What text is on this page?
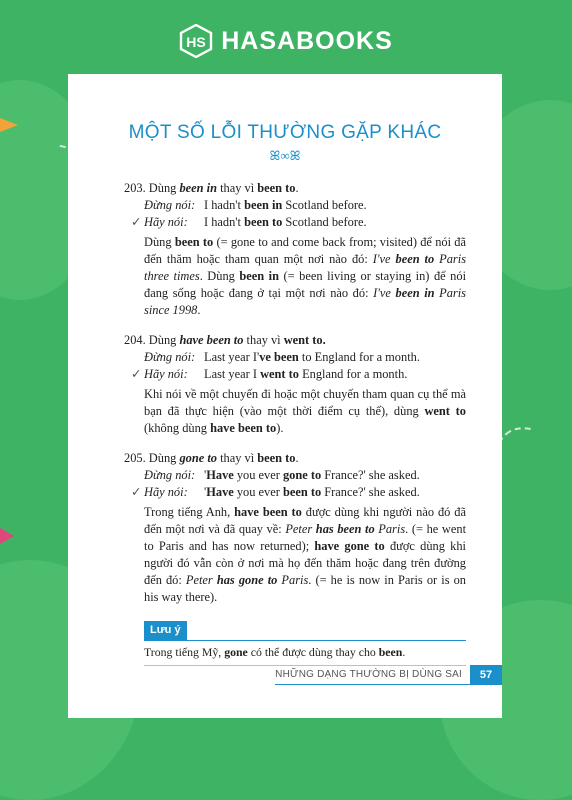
HS HASABOOKS
MỘT SỐ LỖI THƯỜNG GẶP KHÁC
ꕤ∞ꕤ
203. Dùng been in thay vì been to.
Đừng nói: I hadn't been in Scotland before.
✓ Hãy nói:	I hadn't been to Scotland before.
Dùng been to (= gone to and come back from; visited) để nói đã đến thăm hoặc tham quan một nơi nào đó: I've been to Paris three times. Dùng been in (= been living or staying in) để nói đang sống hoặc đang ở tại một nơi nào đó: I've been in Paris since 1998.
204. Dùng have been to thay vì went to.
Đừng nói: Last year I've been to England for a month.
✓ Hãy nói:	Last year I went to England for a month.
Khi nói về một chuyến đi hoặc một chuyến tham quan cụ thể mà bạn đã thực hiện (vào một thời điểm cụ thể), dùng went to (không dùng have been to).
205. Dùng gone to thay vì been to.
Đừng nói: 'Have you ever gone to France?' she asked.
✓ Hãy nói:	'Have you ever been to France?' she asked.
Trong tiếng Anh, have been to được dùng khi người nào đó đã đến một nơi và đã quay về: Peter has been to Paris. (= he went to Paris and has now returned); have gone to được dùng khi người đó vẫn còn ở nơi mà họ đến thăm hoặc đang trên đường đến đó: Peter has gone to Paris. (= he is now in Paris or is on his way there).
Lưu ý
Trong tiếng Mỹ, gone có thể được dùng thay cho been.
NHỮNG DẠNG THƯỜNG BỊ DÙNG SAI	57
